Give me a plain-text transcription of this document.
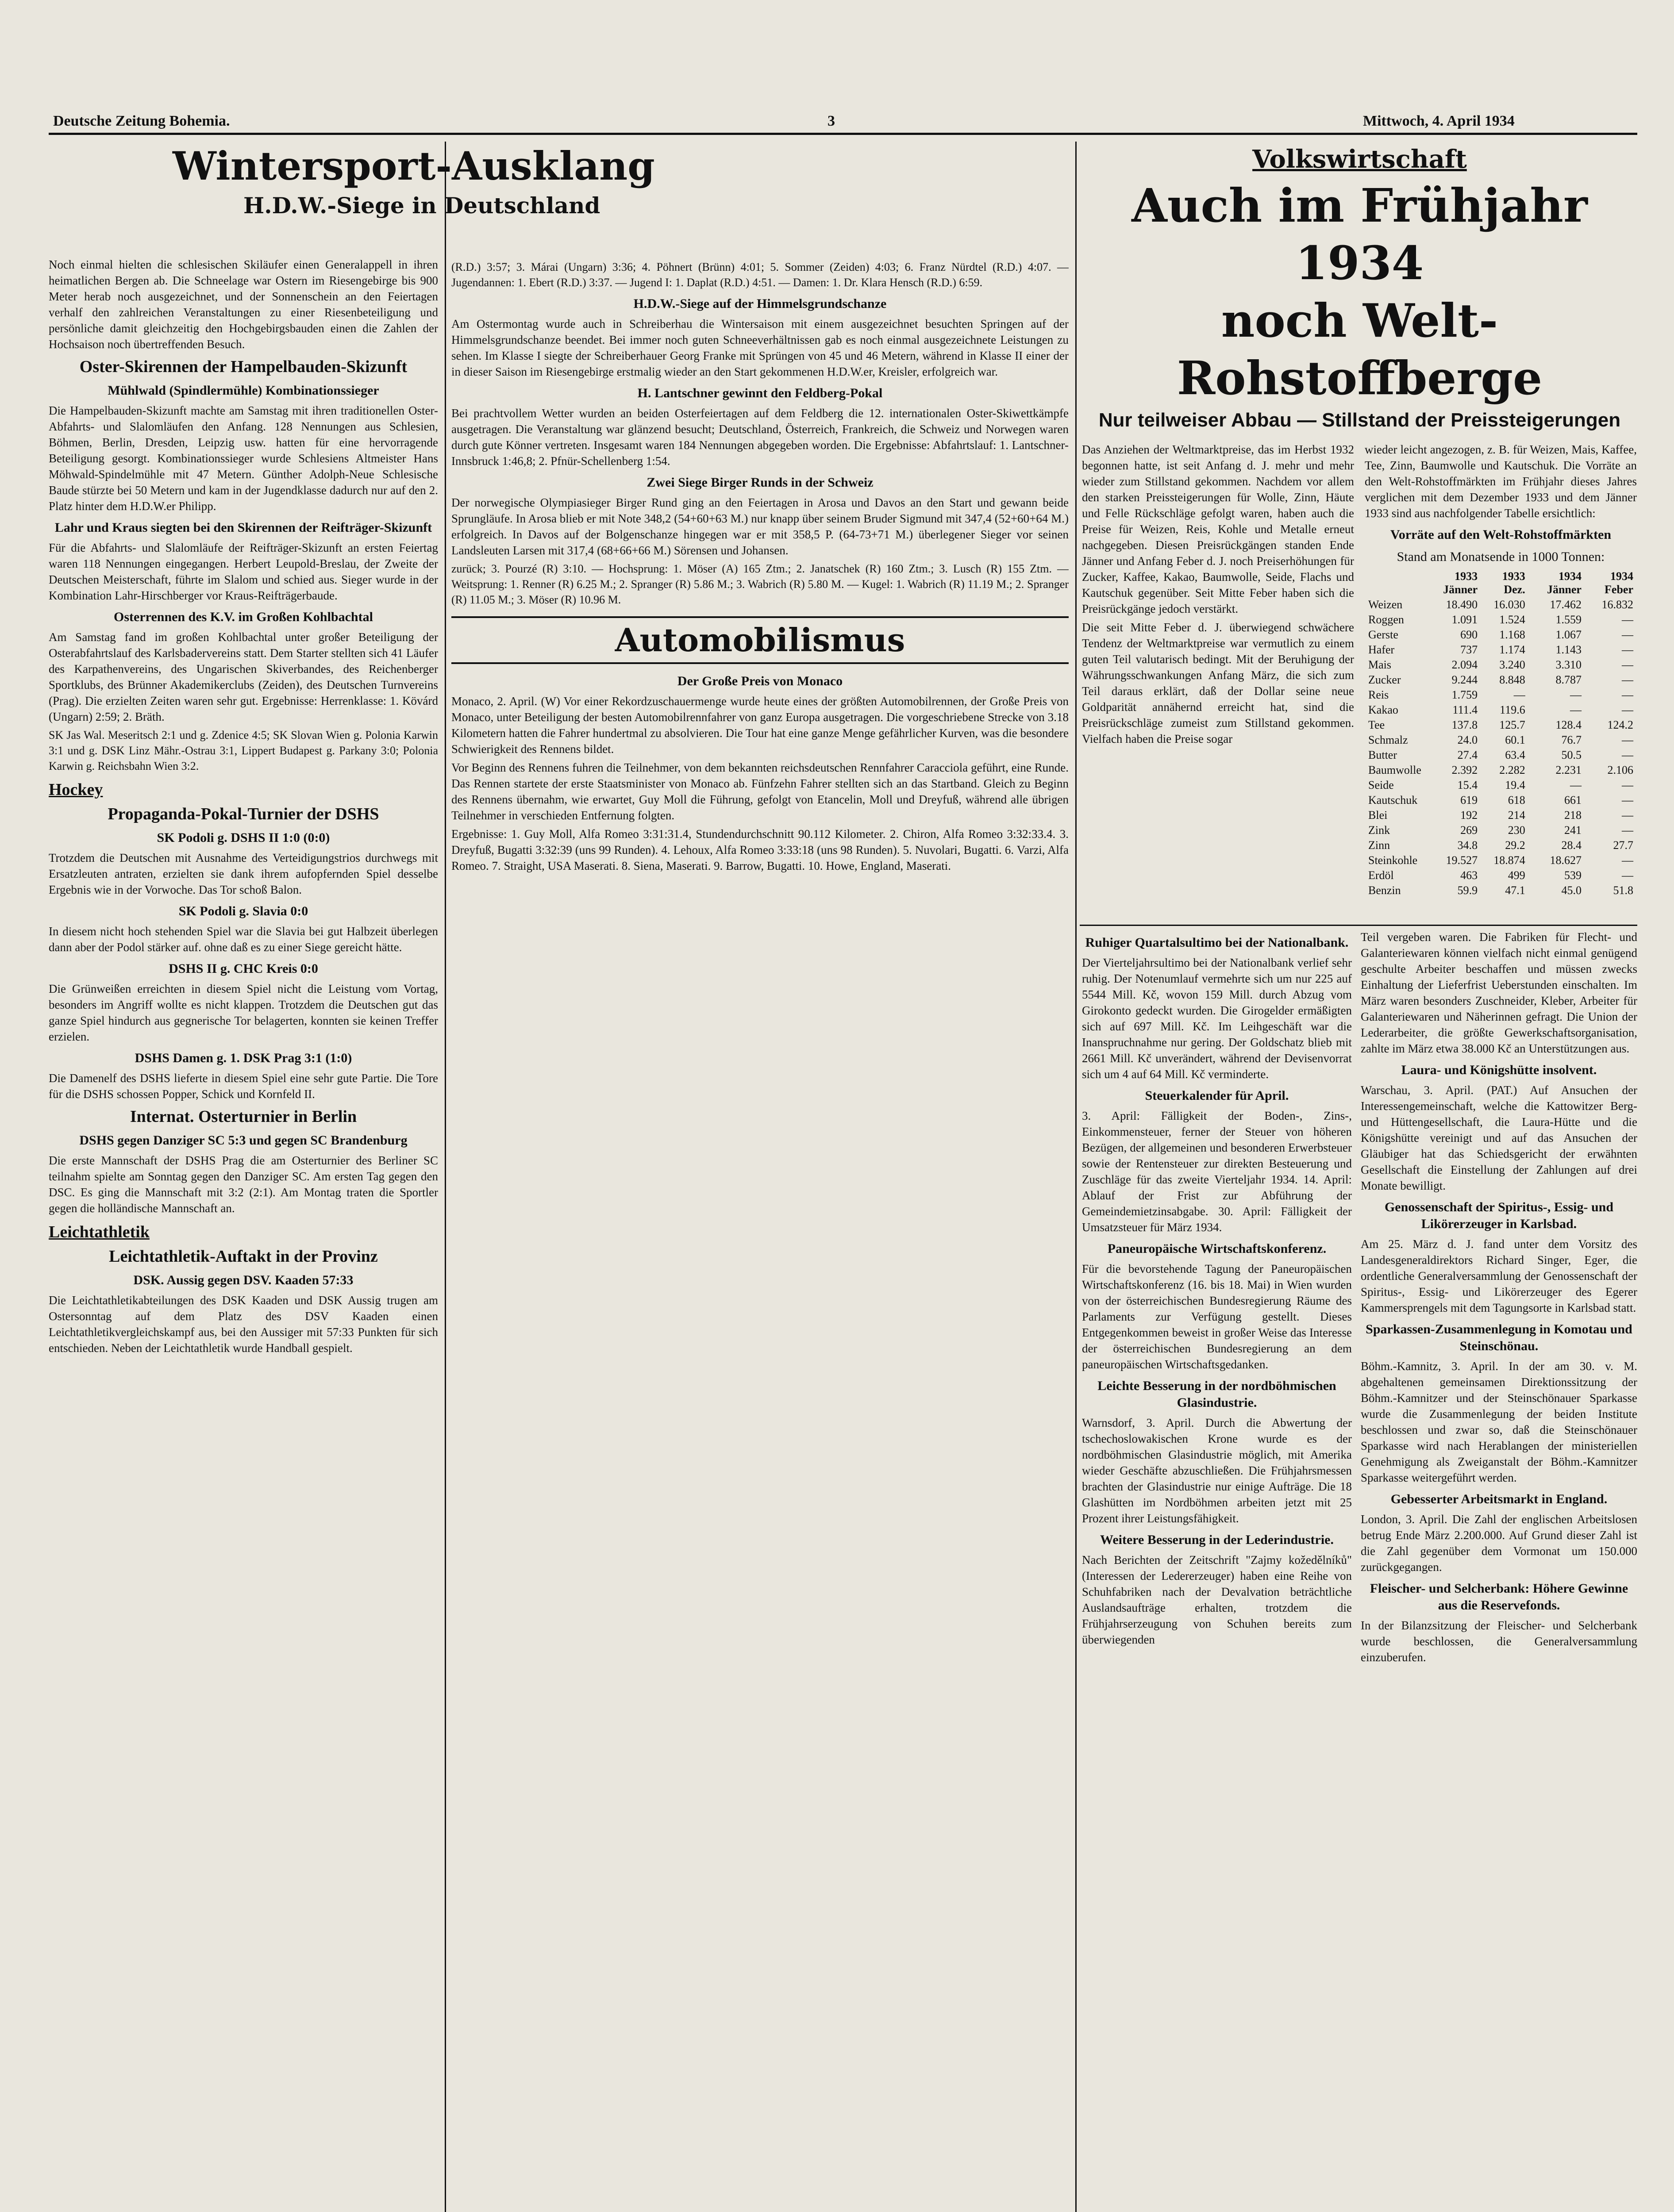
Deutsche Zeitung Bohemia.	3	Mittwoch, 4. April 1934
Wintersport-Ausklang
H.D.W.-Siege in Deutschland

Noch einmal hielten die schlesischen Skiläufer einen Generalappell in ihren heimatlichen Bergen ab. Die Schneelage war Ostern im Riesengebirge bis 900 Meter herab noch ausgezeichnet, und der Sonnenschein an den Feiertagen verhalf den zahlreichen Veranstaltungen zu einer Riesenbeteiligung und persönliche damit gleichzeitig den Hochgebirgsbauden einen die Zahlen der Hochsaison noch übertreffenden Besuch.

Oster-Skirennen der Hampelbauden-Skizunft
Mühlwald (Spindlermühle) Kombinationssieger

Die Hampelbauden-Skizunft machte am Samstag mit ihren traditionellen Oster-Abfahrts- und Slalomläufen den Anfang. 128 Nennungen aus Schlesien, Böhmen, Berlin, Dresden, Leipzig usw. hatten für eine hervorragende Beteiligung gesorgt. Kombinationssieger wurde Schlesiens Altmeister Hans Möhwald-Spindelmühle mit 47 Metern. Günther Adolph-Neue Schlesische Baude stürzte bei 50 Metern und kam in der Jugendklasse dadurch nur auf den 2. Platz hinter dem H.D.W.er Philipp.

Lahr und Kraus siegten bei den Skirennen der Reifträger-Skizunft

Für die Abfahrts- und Slalomläufe der Reifträger-Skizunft an ersten Feiertag waren 118 Nennungen eingegangen. Herbert Leupold-Breslau, der Zweite der Deutschen Meisterschaft, führte im Slalom und schied aus. Sieger wurde in der Kombination Lahr-Hirschberger vor Kraus-Reifträgerbaude.

Osterrennen des K.V. im Großen Kohlbachtal

Am Samstag fand im großen Kohlbachtal unter großer Beteiligung der Osterabfahrtslauf des Karlsbadervereins statt. Dem Starter stellten sich 41 Läufer des Karpathenvereins, des Ungarischen Skiverbandes, des Reichenberger Sportklubs, des Brünner Akademikerclubs (Zeiden), des Deutschen Turnvereins (Prag). Die erzielten Zeiten waren sehr gut. Ergebnisse: Herrenklasse: 1. Kövárd (Ungarn) 2:59; 2. Bräth.

SK Jas Wal. Meseritsch 2:1 und g. Zdenice 4:5; SK Slovan Wien g. Polonia Karwin 3:1 und g. DSK Linz Mähr.-Ostrau 3:1, Lippert Budapest g. Parkany 3:0; Polonia Karwin g. Reichsbahn Wien 3:2.

Hockey
Propaganda-Pokal-Turnier der DSHS
SK Podoli g. DSHS II 1:0 (0:0)

Trotzdem die Deutschen mit Ausnahme des Verteidigungstrios durchwegs mit Ersatzleuten antraten, erzielten sie dank ihrem aufopfernden Spiel desselbe Ergebnis wie in der Vorwoche. Das Tor schoß Balon.

SK Podoli g. Slavia 0:0

In diesem nicht hoch stehenden Spiel war die Slavia bei gut Halbzeit überlegen dann aber der Podol stärker auf. ohne daß es zu einer Siege gereicht hätte.

DSHS II g. CHC Kreis 0:0

Die Grünweißen erreichten in diesem Spiel nicht die Leistung vom Vortag, besonders im Angriff wollte es nicht klappen. Trotzdem die Deutschen gut das ganze Spiel hindurch aus gegnerische Tor belagerten, konnten sie keinen Treffer erzielen.

DSHS Damen g. 1. DSK Prag 3:1 (1:0)

Die Damenelf des DSHS lieferte in diesem Spiel eine sehr gute Partie. Die Tore für die DSHS schossen Popper, Schick und Kornfeld II.

Internat. Osterturnier in Berlin
DSHS gegen Danziger SC 5:3 und gegen SC Brandenburg

Die erste Mannschaft der DSHS Prag die am Osterturnier des Berliner SC teilnahm spielte am Sonntag gegen den Danziger SC. Am ersten Tag gegen den DSC. Es ging die Mannschaft mit 3:2 (2:1). Am Montag traten die Sportler gegen die holländische Mannschaft an.

Leichtathletik
Leichtathletik-Auftakt in der Provinz
DSK. Aussig gegen DSV. Kaaden 57:33

Die Leichtathletikabteilungen des DSK Kaaden und DSK Aussig trugen am Ostersonntag auf dem Platz des DSV Kaaden einen Leichtathletikvergleichskampf aus, bei den Aussiger mit 57:33 Punkten für sich entschieden. Neben der Leichtathletik wurde Handball gespielt.

(R.D.) 3:57; 3. Márai (Ungarn) 3:36; 4. Pöhnert (Brünn) 4:01; 5. Sommer (Zeiden) 4:03; 6. Franz Nürdtel (R.D.) 4:07. — Jugendannen: 1. Ebert (R.D.) 3:37. — Jugend I: 1. Daplat (R.D.) 4:51. — Damen: 1. Dr. Klara Hensch (R.D.) 6:59.

H.D.W.-Siege auf der Himmelsgrundschanze

Am Ostermontag wurde auch in Schreiberhau die Wintersaison mit einem ausgezeichnet besuchten Springen auf der Himmelsgrundschanze beendet. Bei immer noch guten Schneeverhältnissen gab es noch einmal ausgezeichnete Leistungen zu sehen. Im Klasse I siegte der Schreiberhauer Georg Franke mit Sprüngen von 45 und 46 Metern, während in Klasse II einer der in dieser Saison im Riesengebirge erstmalig wieder an den Start gekommenen H.D.W.er, Kreisler, erfolgreich war.

H. Lantschner gewinnt den Feldberg-Pokal

Bei prachtvollem Wetter wurden an beiden Osterfeiertagen auf dem Feldberg die 12. internationalen Oster-Skiwettkämpfe ausgetragen. Die Veranstaltung war glänzend besucht; Deutschland, Österreich, Frankreich, die Schweiz und Norwegen waren durch gute Könner vertreten. Insgesamt waren 184 Nennungen abgegeben worden. Die Ergebnisse: Abfahrtslauf: 1. Lantschner-Innsbruck 1:46,8; 2. Pfnür-Schellenberg 1:54.

Zwei Siege Birger Runds in der Schweiz

Der norwegische Olympiasieger Birger Rund ging an den Feiertagen in Arosa und Davos an den Start und gewann beide Sprungläufe. In Arosa blieb er mit Note 348,2 (54+60+63 M.) nur knapp über seinem Bruder Sigmund mit 347,4 (52+60+64 M.) erfolgreich. In Davos auf der Bolgenschanze hingegen war er mit 358,5 P. (64-73+71 M.) überlegener Sieger vor seinen Landsleuten Larsen mit 317,4 (68+66+66 M.) Sörensen und Johansen.

zurück; 3. Pourzé (R) 3:10. — Hochsprung: 1. Möser (A) 165 Ztm.; 2. Janatschek (R) 160 Ztm.; 3. Lusch (R) 155 Ztm. — Weitsprung: 1. Renner (R) 6.25 M.; 2. Spranger (R) 5.86 M.; 3. Wabrich (R) 5.80 M. — Kugel: 1. Wabrich (R) 11.19 M.; 2. Spranger (R) 11.05 M.; 3. Möser (R) 10.96 M.

Automobilismus
Der Große Preis von Monaco

Monaco, 2. April. (W) Vor einer Rekordzuschauermenge wurde heute eines der größten Automobilrennen, der Große Preis von Monaco, unter Beteiligung der besten Automobilrennfahrer von ganz Europa ausgetragen. Die vorgeschriebene Strecke von 3.18 Kilometern hatten die Fahrer hundertmal zu absolvieren. Die Tour hat eine ganze Menge gefährlicher Kurven, was die besondere Schwierigkeit des Rennens bildet.

Vor Beginn des Rennens fuhren die Teilnehmer, von dem bekannten reichsdeutschen Rennfahrer Caracciola geführt, eine Runde. Das Rennen startete der erste Staatsminister von Monaco ab. Fünfzehn Fahrer stellten sich an das Startband. Gleich zu Beginn des Rennens übernahm, wie erwartet, Guy Moll die Führung, gefolgt von Etancelin, Moll und Dreyfuß, während alle übrigen Teilnehmer in verschieden Entfernung folgten.

Ergebnisse: 1. Guy Moll, Alfa Romeo 3:31:31.4, Stundendurchschnitt 90.112 Kilometer. 2. Chiron, Alfa Romeo 3:32:33.4. 3. Dreyfuß, Bugatti 3:32:39 (uns 99 Runden). 4. Lehoux, Alfa Romeo 3:33:18 (uns 98 Runden). 5. Nuvolari, Bugatti. 6. Varzi, Alfa Romeo. 7. Straight, USA Maserati. 8. Siena, Maserati. 9. Barrow, Bugatti. 10. Howe, England, Maserati.

Volkswirtschaft
Auch im Frühjahr 1934
noch Welt-Rohstoffberge
Nur teilweiser Abbau — Stillstand der Preissteigerungen

Das Anziehen der Weltmarktpreise, das im Herbst 1932 begonnen hatte, ist seit Anfang d. J. mehr und mehr wieder zum Stillstand gekommen. Nachdem vor allem den starken Preissteigerungen für Wolle, Zinn, Häute und Felle Rückschläge gefolgt waren, haben auch die Preise für Weizen, Reis, Kohle und Metalle erneut nachgegeben. Diesen Preisrückgängen standen Ende Jänner und Anfang Feber d. J. noch Preiserhöhungen für Zucker, Kaffee, Kakao, Baumwolle, Seide, Flachs und Kautschuk gegenüber. Seit Mitte Feber haben sich die Preisrückgänge jedoch verstärkt.

Die seit Mitte Feber d. J. überwiegend schwächere Tendenz der Weltmarktpreise war vermutlich zu einem guten Teil valutarisch bedingt. Mit der Beruhigung der Währungsschwankungen Anfang März, die sich zum Teil daraus erklärt, daß der Dollar seine neue Goldparität annähernd erreicht hat, sind die Preisrückschläge zumeist zum Stillstand gekommen. Vielfach haben die Preise sogar

wieder leicht angezogen, z. B. für Weizen, Mais, Kaffee, Tee, Zinn, Baumwolle und Kautschuk. Die Vorräte an den Welt-Rohstoffmärkten im Frühjahr dieses Jahres verglichen mit dem Dezember 1933 und dem Jänner 1933 sind aus nachfolgender Tabelle ersichtlich:

Vorräte auf den Welt-Rohstoffmärkten
Stand am Monatsende in 1000 Tonnen:
	1933 Jänner	1933 Dez.	1934 Jänner	1934 Feber
Weizen	18.490	16.030	17.462	16.832
Roggen	1.091	1.524	1.559	—
Gerste	690	1.168	1.067	—
Hafer	737	1.174	1.143	—
Mais	2.094	3.240	3.310	—
Zucker	9.244	8.848	8.787	—
Reis	1.759	—	—	—
Kakao	111.4	119.6	—	—
Tee	137.8	125.7	128.4	124.2
Schmalz	24.0	60.1	76.7	—
Butter	27.4	63.4	50.5	—
Baumwolle	2.392	2.282	2.231	2.106
Seide	15.4	19.4	—	—
Kautschuk	619	618	661	—
Blei	192	214	218	—
Zink	269	230	241	—
Zinn	34.8	29.2	28.4	27.7
Steinkohle	19.527	18.874	18.627	—
Erdöl	463	499	539	—
Benzin	59.9	47.1	45.0	51.8
Ruhiger Quartalsultimo bei der Nationalbank.

Der Vierteljahrsultimo bei der Nationalbank verlief sehr ruhig. Der Notenumlauf vermehrte sich um nur 225 auf 5544 Mill. Kč, wovon 159 Mill. durch Abzug vom Girokonto gedeckt wurden. Die Girogelder ermäßigten sich auf 697 Mill. Kč. Im Leihgeschäft war die Inanspruchnahme nur gering. Der Goldschatz blieb mit 2661 Mill. Kč unverändert, während der Devisenvorrat sich um 4 auf 64 Mill. Kč verminderte.

Steuerkalender für April.

3. April: Fälligkeit der Boden-, Zins-, Einkommensteuer, ferner der Steuer von höheren Bezügen, der allgemeinen und besonderen Erwerbsteuer sowie der Rentensteuer zur direkten Besteuerung und Zuschläge für das zweite Vierteljahr 1934. 14. April: Ablauf der Frist zur Abführung der Gemeindemietzinsabgabe. 30. April: Fälligkeit der Umsatzsteuer für März 1934.

Paneuropäische Wirtschaftskonferenz.

Für die bevorstehende Tagung der Paneuropäischen Wirtschaftskonferenz (16. bis 18. Mai) in Wien wurden von der österreichischen Bundesregierung Räume des Parlaments zur Verfügung gestellt. Dieses Entgegenkommen beweist in großer Weise das Interesse der österreichischen Bundesregierung an dem paneuropäischen Wirtschaftsgedanken.

Leichte Besserung in der nordböhmischen Glasindustrie.

Warnsdorf, 3. April. Durch die Abwertung der tschechoslowakischen Krone wurde es der nordböhmischen Glasindustrie möglich, mit Amerika wieder Geschäfte abzuschließen. Die Frühjahrsmessen brachten der Glasindustrie nur einige Aufträge. Die 18 Glashütten im Nordböhmen arbeiten jetzt mit 25 Prozent ihrer Leistungsfähigkeit.

Weitere Besserung in der Lederindustrie.

Nach Berichten der Zeitschrift "Zajmy kožedělníků" (Interessen der Ledererzeuger) haben eine Reihe von Schuhfabriken nach der Devalvation beträchtliche Auslandsaufträge erhalten, trotzdem die Frühjahrserzeugung von Schuhen bereits zum überwiegenden

Teil vergeben waren. Die Fabriken für Flecht- und Galanteriewaren können vielfach nicht einmal genügend geschulte Arbeiter beschaffen und müssen zwecks Einhaltung der Lieferfrist Ueberstunden einschalten. Im März waren besonders Zuschneider, Kleber, Arbeiter für Galanteriewaren und Näherinnen gefragt. Die Union der Lederarbeiter, die größte Gewerkschaftsorganisation, zahlte im März etwa 38.000 Kč an Unterstützungen aus.

Laura- und Königshütte insolvent.

Warschau, 3. April. (PAT.) Auf Ansuchen der Interessengemeinschaft, welche die Kattowitzer Berg- und Hüttengesellschaft, die Laura-Hütte und die Königshütte vereinigt und auf das Ansuchen der Gläubiger hat das Schiedsgericht der erwähnten Gesellschaft die Einstellung der Zahlungen auf drei Monate bewilligt.

Genossenschaft der Spiritus-, Essig- und Likörerzeuger in Karlsbad.

Am 25. März d. J. fand unter dem Vorsitz des Landesgeneraldirektors Richard Singer, Eger, die ordentliche Generalversammlung der Genossenschaft der Spiritus-, Essig- und Likörerzeuger des Egerer Kammersprengels mit dem Tagungsorte in Karlsbad statt.

Sparkassen-Zusammenlegung in Komotau und Steinschönau.

Böhm.-Kamnitz, 3. April. In der am 30. v. M. abgehaltenen gemeinsamen Direktionssitzung der Böhm.-Kamnitzer und der Steinschönauer Sparkasse wurde die Zusammenlegung der beiden Institute beschlossen und zwar so, daß die Steinschönauer Sparkasse wird nach Herablangen der ministeriellen Genehmigung als Zweiganstalt der Böhm.-Kamnitzer Sparkasse weitergeführt werden.

Gebesserter Arbeitsmarkt in England.

London, 3. April. Die Zahl der englischen Arbeitslosen betrug Ende März 2.200.000. Auf Grund dieser Zahl ist die Zahl gegenüber dem Vormonat um 150.000 zurückgegangen.

Fleischer- und Selcherbank: Höhere Gewinne aus die Reservefonds.

In der Bilanzsitzung der Fleischer- und Selcherbank wurde beschlossen, die Generalversammlung einzuberufen.
